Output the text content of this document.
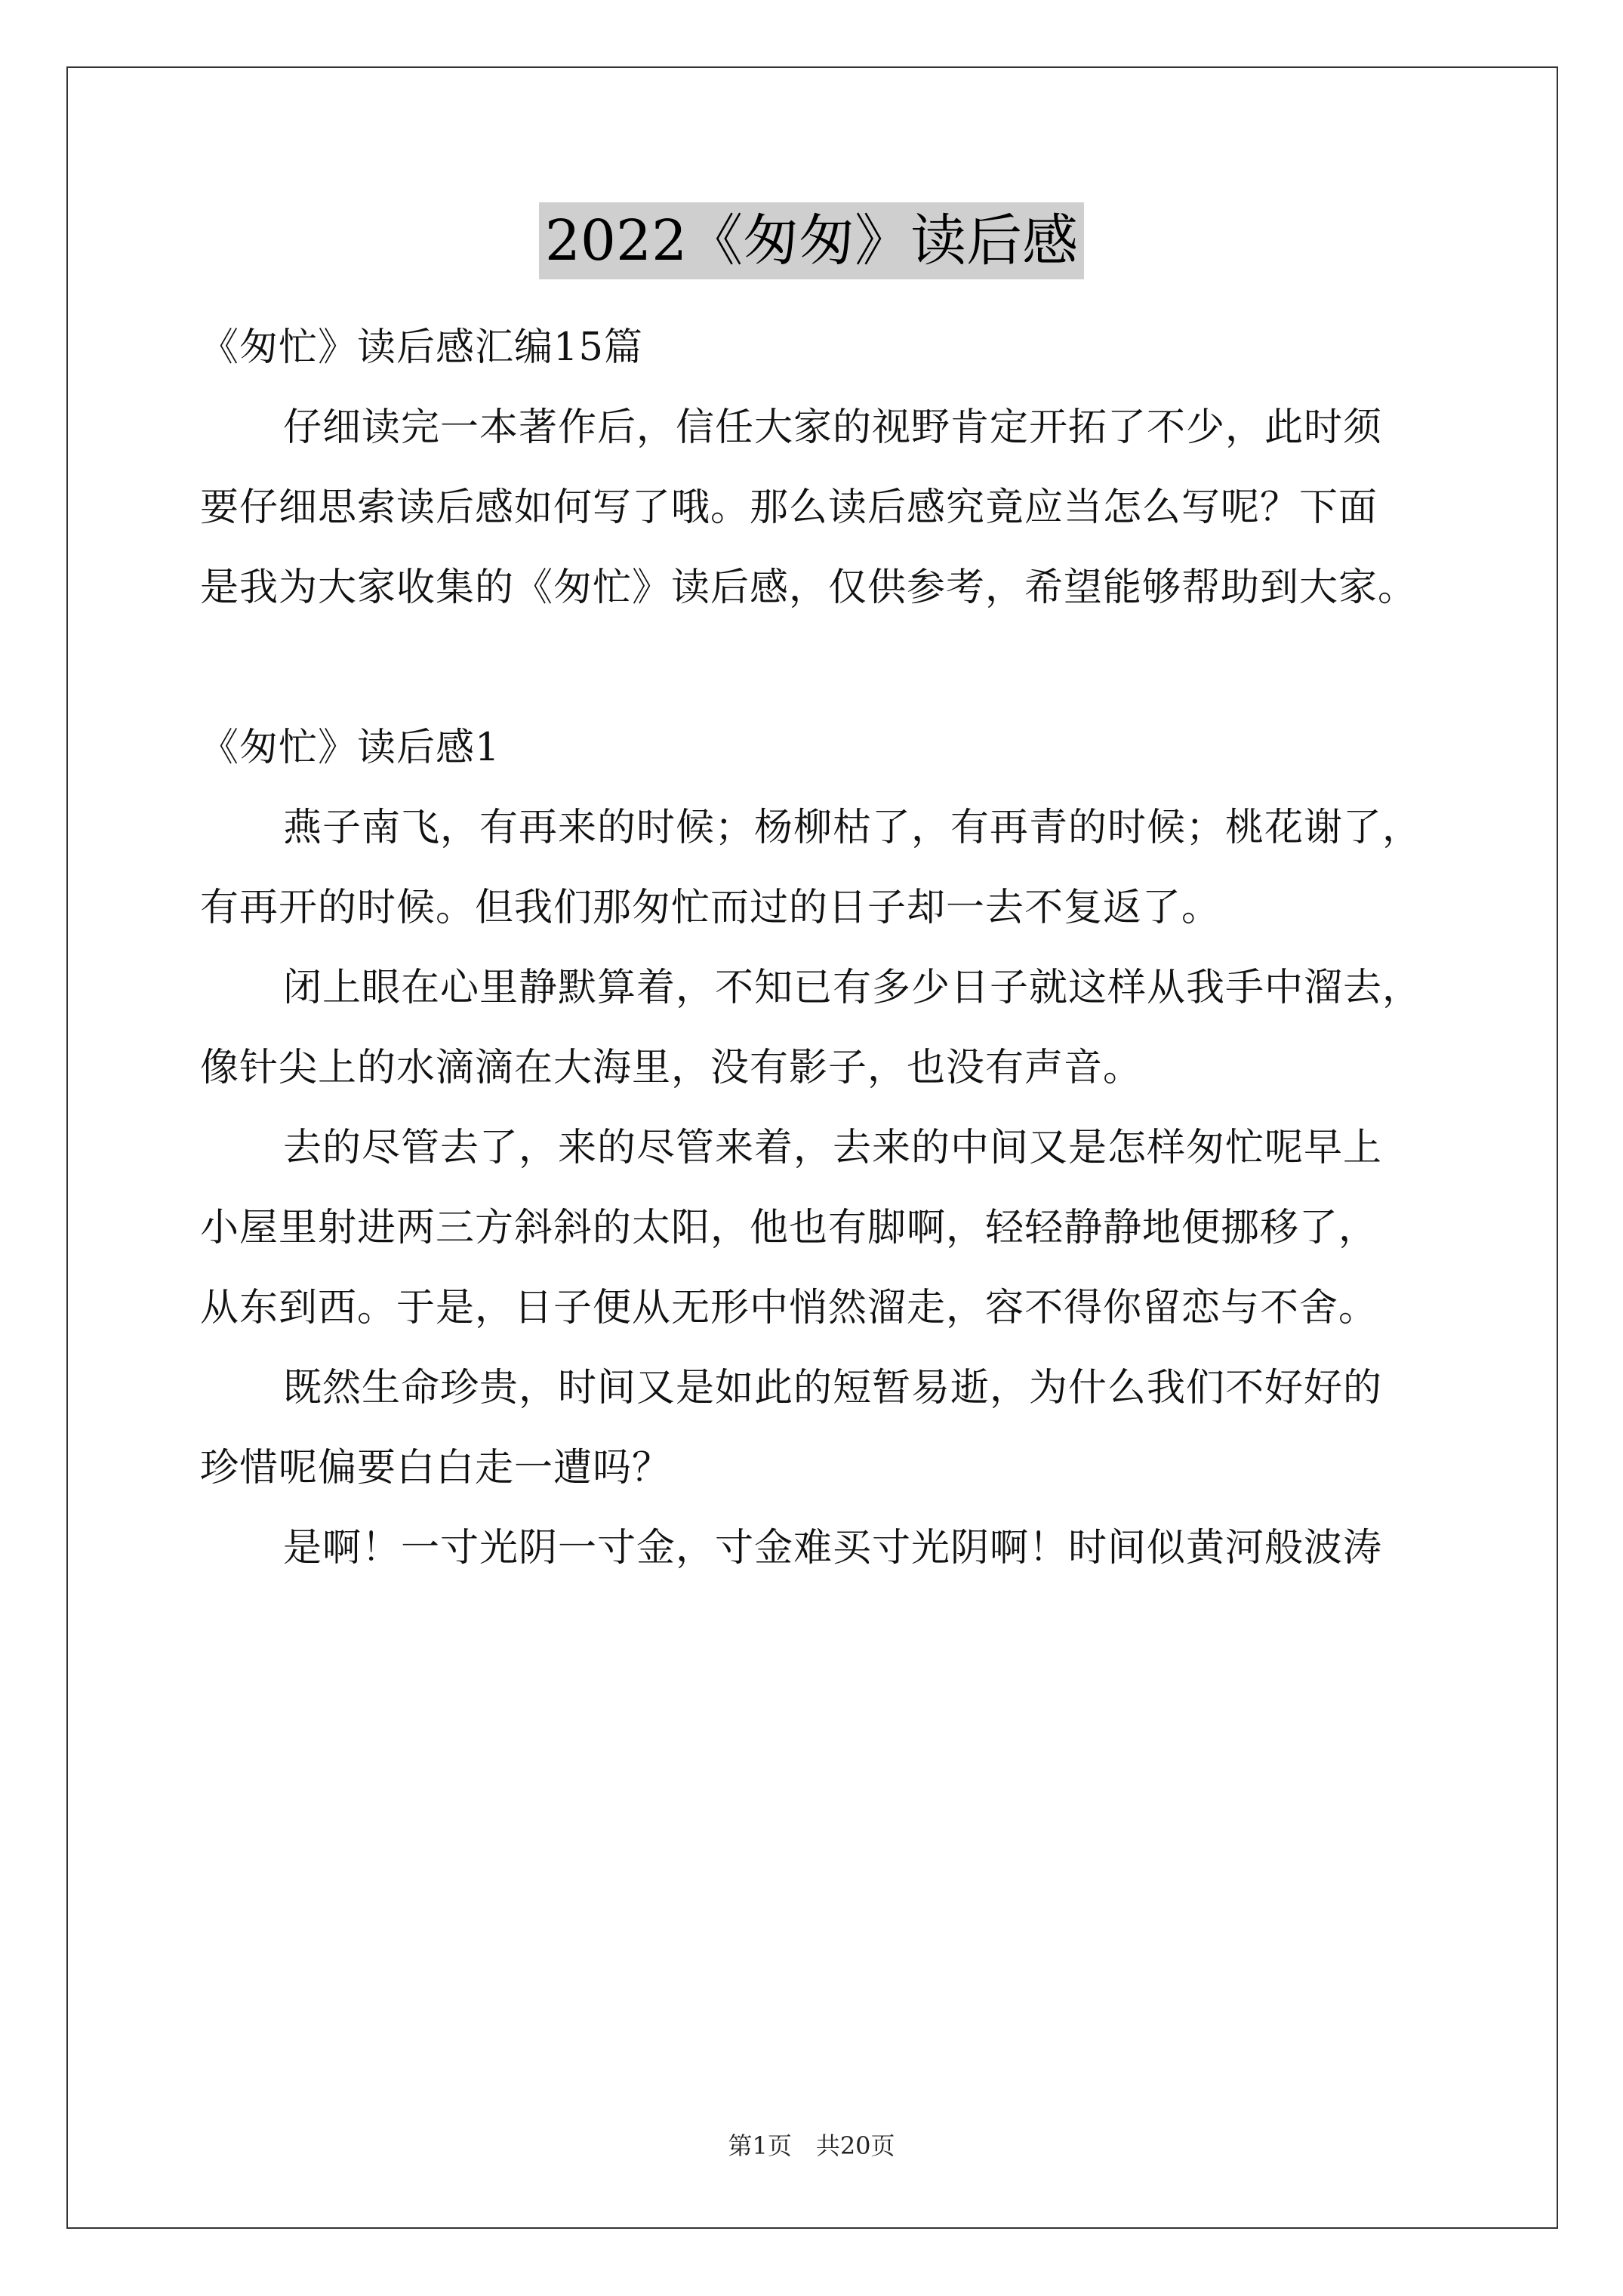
2022《匆匆》读后感
《匆忙》读后感汇编15篇
仔细读完一本著作后，信任大家的视野肯定开拓了不少，此时须
要仔细思索读后感如何写了哦。那么读后感究竟应当怎么写呢？下面
是我为大家收集的《匆忙》读后感，仅供参考，希望能够帮助到大家。
《匆忙》读后感1
燕子南飞，有再来的时候；杨柳枯了，有再青的时候；桃花谢了，
有再开的时候。但我们那匆忙而过的日子却一去不复返了。
闭上眼在心里静默算着，不知已有多少日子就这样从我手中溜去，
像针尖上的水滴滴在大海里，没有影子，也没有声音。
去的尽管去了，来的尽管来着，去来的中间又是怎样匆忙呢早上
小屋里射进两三方斜斜的太阳，他也有脚啊，轻轻静静地便挪移了，
从东到西。于是，日子便从无形中悄然溜走，容不得你留恋与不舍。
既然生命珍贵，时间又是如此的短暂易逝，为什么我们不好好的
珍惜呢偏要白白走一遭吗？
是啊！一寸光阴一寸金，寸金难买寸光阴啊！时间似黄河般波涛
第1页　共20页
